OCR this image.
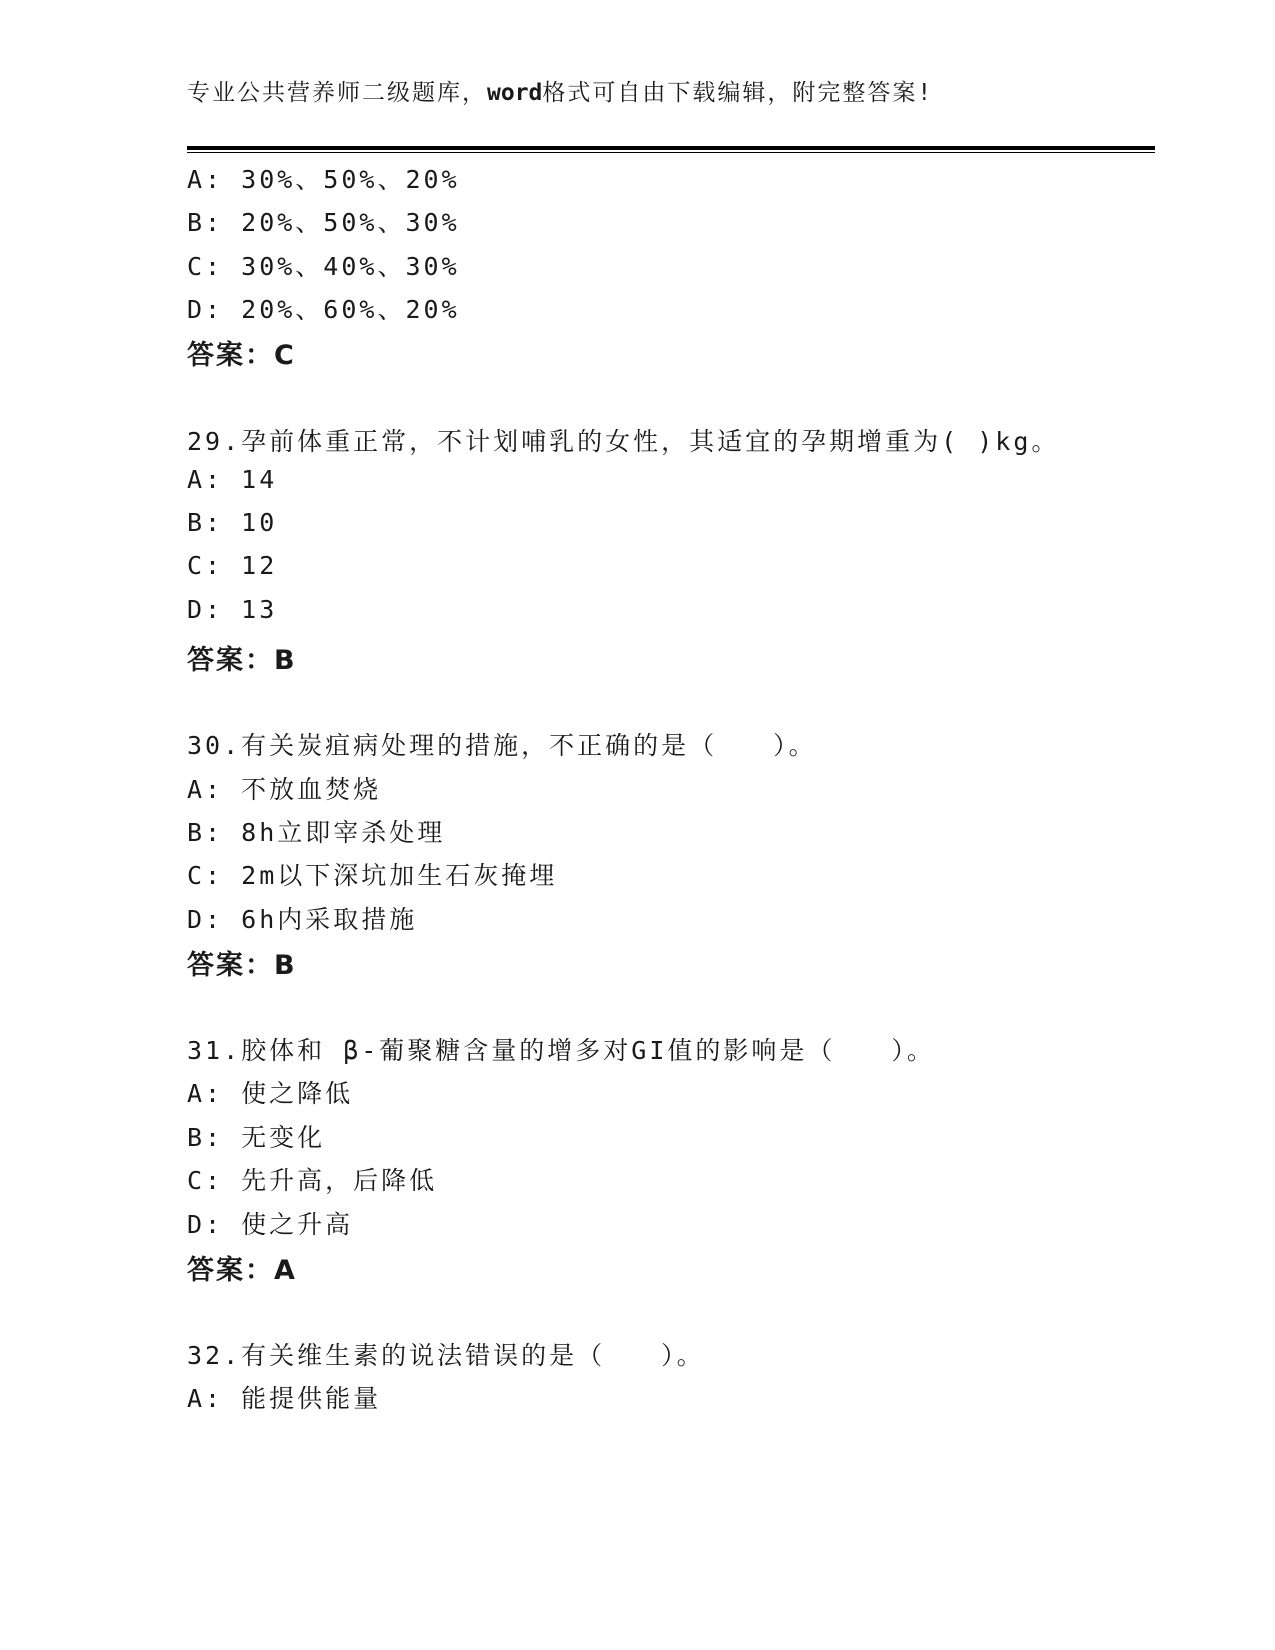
专业公共营养师二级题库，word格式可自由下载编辑，附完整答案!
A: 30%、50%、20%
B: 20%、50%、30%
C: 30%、40%、30%
D: 20%、60%、20%
答案：C
29.孕前体重正常，不计划哺乳的女性，其适宜的孕期增重为( )kg。
A: 14
B: 10
C: 12
D: 13
答案：B
30.有关炭疽病处理的措施，不正确的是（　　）。
A: 不放血焚烧
B: 8h立即宰杀处理
C: 2m以下深坑加生石灰掩埋
D: 6h内采取措施
答案：B
31.胶体和 β-葡聚糖含量的增多对GI值的影响是（　　）。
A: 使之降低
B: 无变化
C: 先升高，后降低
D: 使之升高
答案：A
32.有关维生素的说法错误的是（　　）。
A: 能提供能量
